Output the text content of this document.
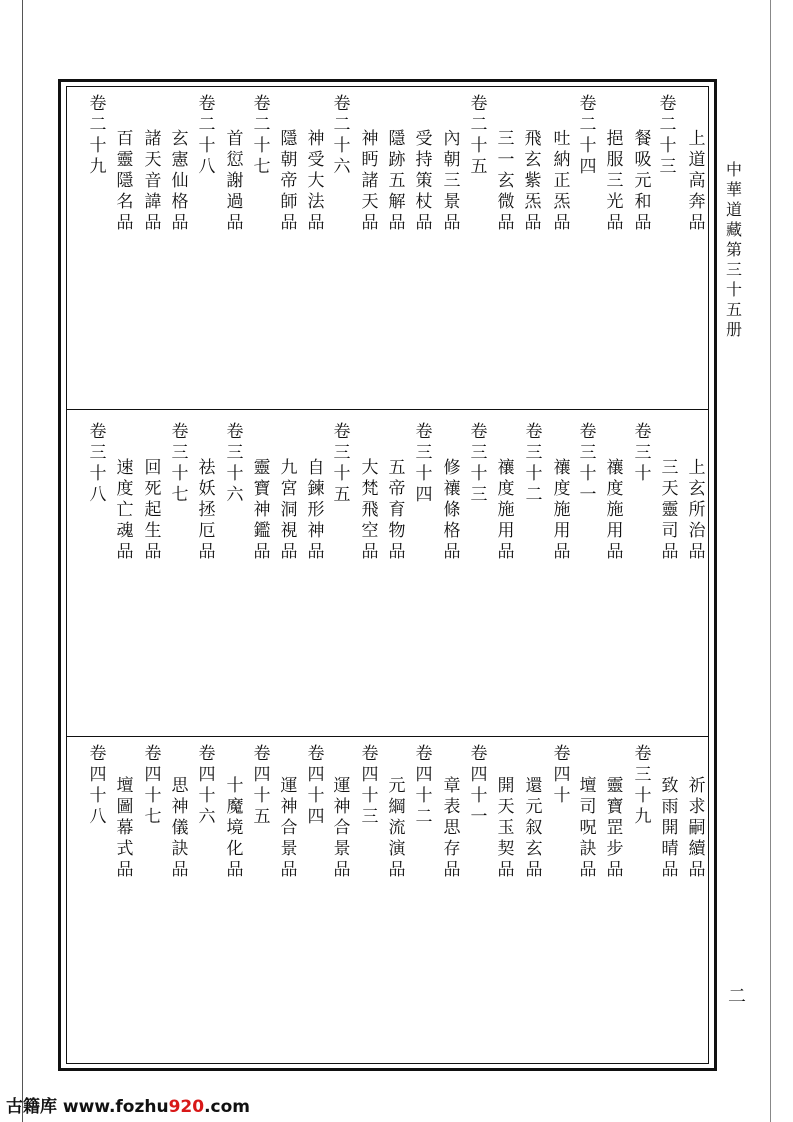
中
華
道
藏
第
三
十
五
册
上
道
高
奔
品
卷
二
十
三
餐
吸
元
和
品
挹
服
三
光
品
卷
二
十
四
吐
納
正
炁
品
飛
玄
紫
炁
品
三
一
玄
微
品
卷
二
十
五
內
朝
三
景
品
受
持
策
杖
品
隱
跡
五
解
品
神
眄
諸
天
品
卷
二
十
六
神
受
大
法
品
隱
朝
帝
師
品
卷
二
十
七
首
愆
謝
過
品
卷
二
十
八
玄
憲
仙
格
品
諸
天
音
諱
品
百
靈
隱
名
品
卷
二
十
九
上
玄
所
治
品
三
天
靈
司
品
卷
三
十
禳
度
施
用
品
卷
三
十
一
禳
度
施
用
品
卷
三
十
二
禳
度
施
用
品
卷
三
十
三
修
禳
條
格
品
卷
三
十
四
五
帝
育
物
品
大
梵
飛
空
品
卷
三
十
五
自
鍊
形
神
品
九
宮
洞
視
品
靈
寶
神
鑑
品
卷
三
十
六
祛
妖
拯
厄
品
卷
三
十
七
回
死
起
生
品
速
度
亡
魂
品
卷
三
十
八
祈
求
嗣
續
品
致
雨
開
晴
品
卷
三
十
九
靈
寶
罡
步
品
壇
司
呪
訣
品
卷
四
十
還
元
叙
玄
品
開
天
玉
契
品
卷
四
十
一
章
表
思
存
品
卷
四
十
二
元
綱
流
演
品
卷
四
十
三
運
神
合
景
品
卷
四
十
四
運
神
合
景
品
卷
四
十
五
十
魔
境
化
品
卷
四
十
六
思
神
儀
訣
品
卷
四
十
七
壇
圖
幕
式
品
卷
四
十
八
二
古籍库 www.fozhu920.com
